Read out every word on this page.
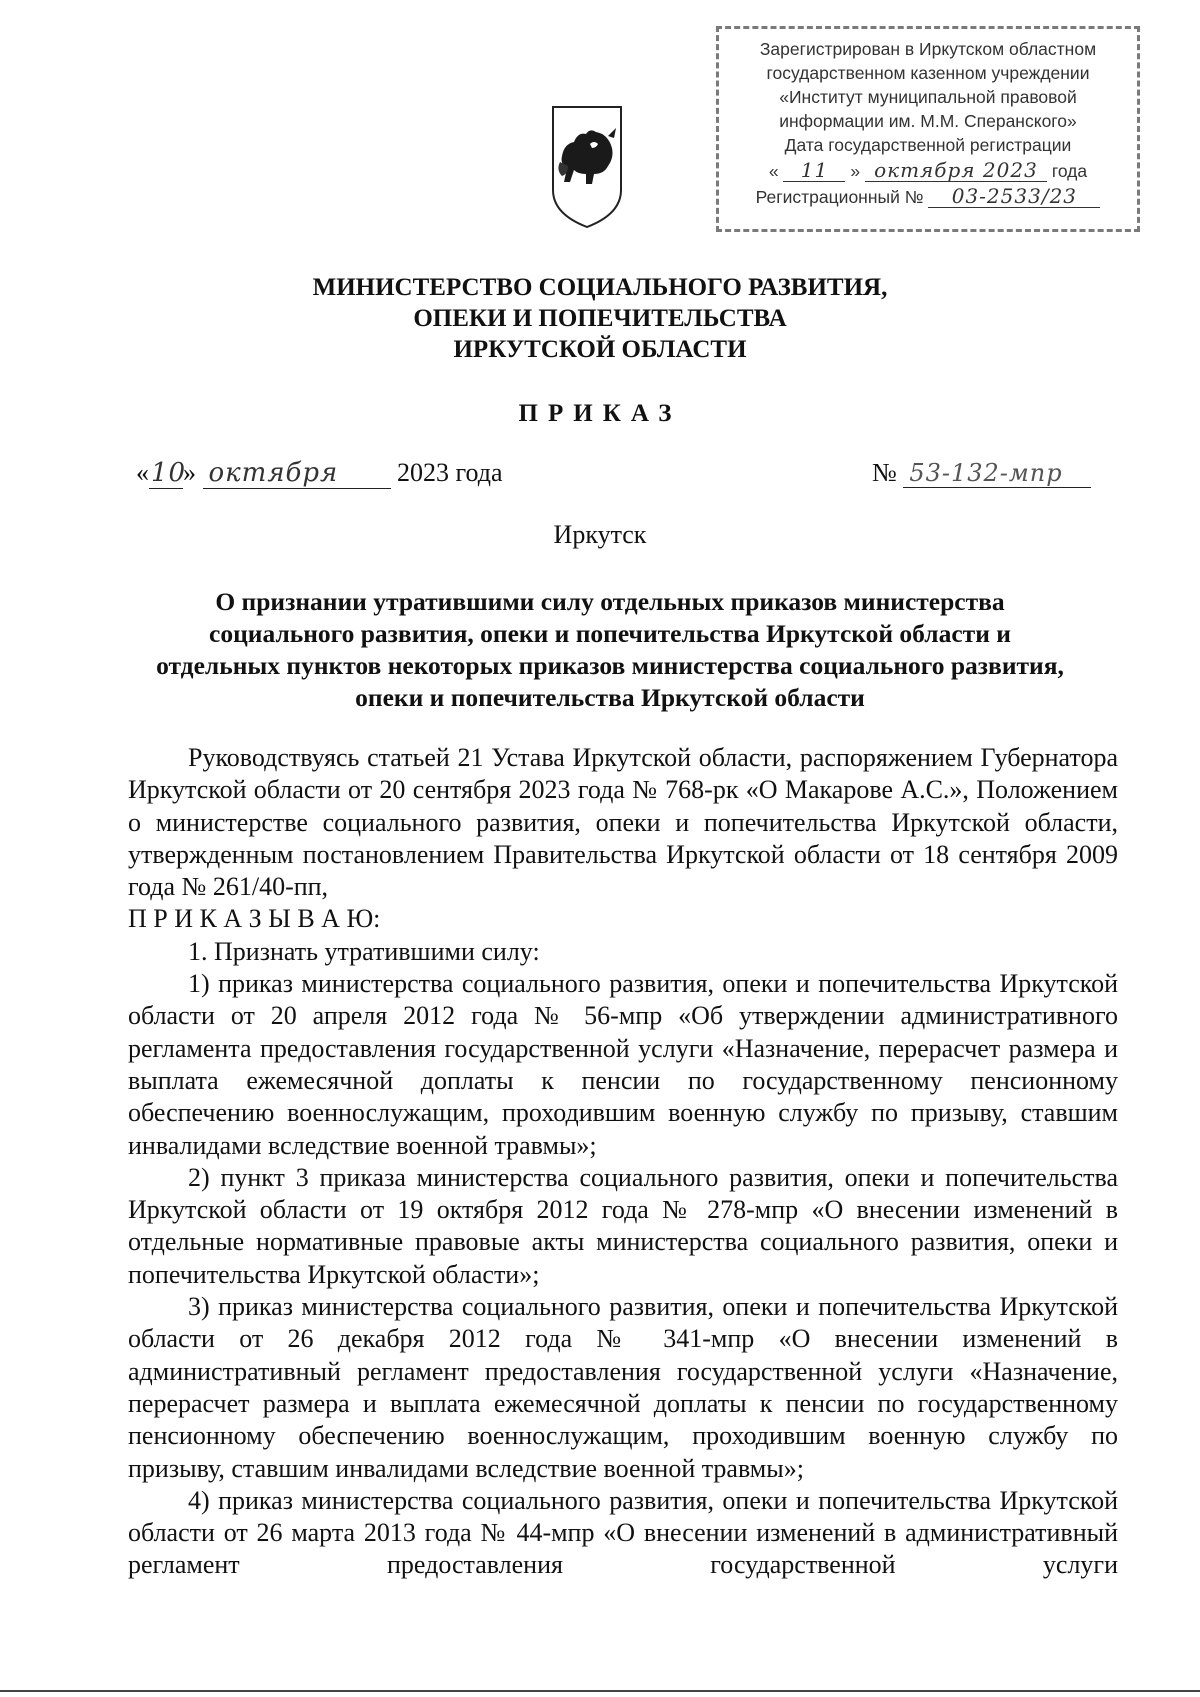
Зарегистрирован в Иркутском областном
государственном казенном учреждении
«Институт муниципальной правовой
информации им. М.М. Сперанского»
Дата государственной регистрации
« 11 » октября 2023 года
Регистрационный № 03-2533/23
МИНИСТЕРСТВО СОЦИАЛЬНОГО РАЗВИТИЯ,
ОПЕКИ И ПОПЕЧИТЕЛЬСТВА
ИРКУТСКОЙ ОБЛАСТИ
ПРИКАЗ
«10» октября 2023 года	№ 53-132-мпр
Иркутск
О признании утратившими силу отдельных приказов министерства социального развития, опеки и попечительства Иркутской области и отдельных пунктов некоторых приказов министерства социального развития, опеки и попечительства Иркутской области

Руководствуясь статьей 21 Устава Иркутской области, распоряжением Губернатора Иркутской области от 20 сентября 2023 года № 768-рк «О Макарове А.С.», Положением о министерстве социального развития, опеки и попечительства Иркутской области, утвержденным постановлением Правительства Иркутской области от 18 сентября 2009 года № 261/40-пп,

П Р И К А З Ы В А Ю:

1. Признать утратившими силу:

1) приказ министерства социального развития, опеки и попечительства Иркутской области от 20 апреля 2012 года № 56-мпр «Об утверждении административного регламента предоставления государственной услуги «Назначение, перерасчет размера и выплата ежемесячной доплаты к пенсии по государственному пенсионному обеспечению военнослужащим, проходившим военную службу по призыву, ставшим инвалидами вследствие военной травмы»;

2) пункт 3 приказа министерства социального развития, опеки и попечительства Иркутской области от 19 октября 2012 года № 278-мпр «О внесении изменений в отдельные нормативные правовые акты министерства социального развития, опеки и попечительства Иркутской области»;

3) приказ министерства социального развития, опеки и попечительства Иркутской области от 26 декабря 2012 года № 341-мпр «О внесении изменений в административный регламент предоставления государственной услуги «Назначение, перерасчет размера и выплата ежемесячной доплаты к пенсии по государственному пенсионному обеспечению военнослужащим, проходившим военную службу по призыву, ставшим инвалидами вследствие военной травмы»;

4) приказ министерства социального развития, опеки и попечительства Иркутской области от 26 марта 2013 года № 44-мпр «О внесении изменений в административный регламент предоставления государственной услуги
